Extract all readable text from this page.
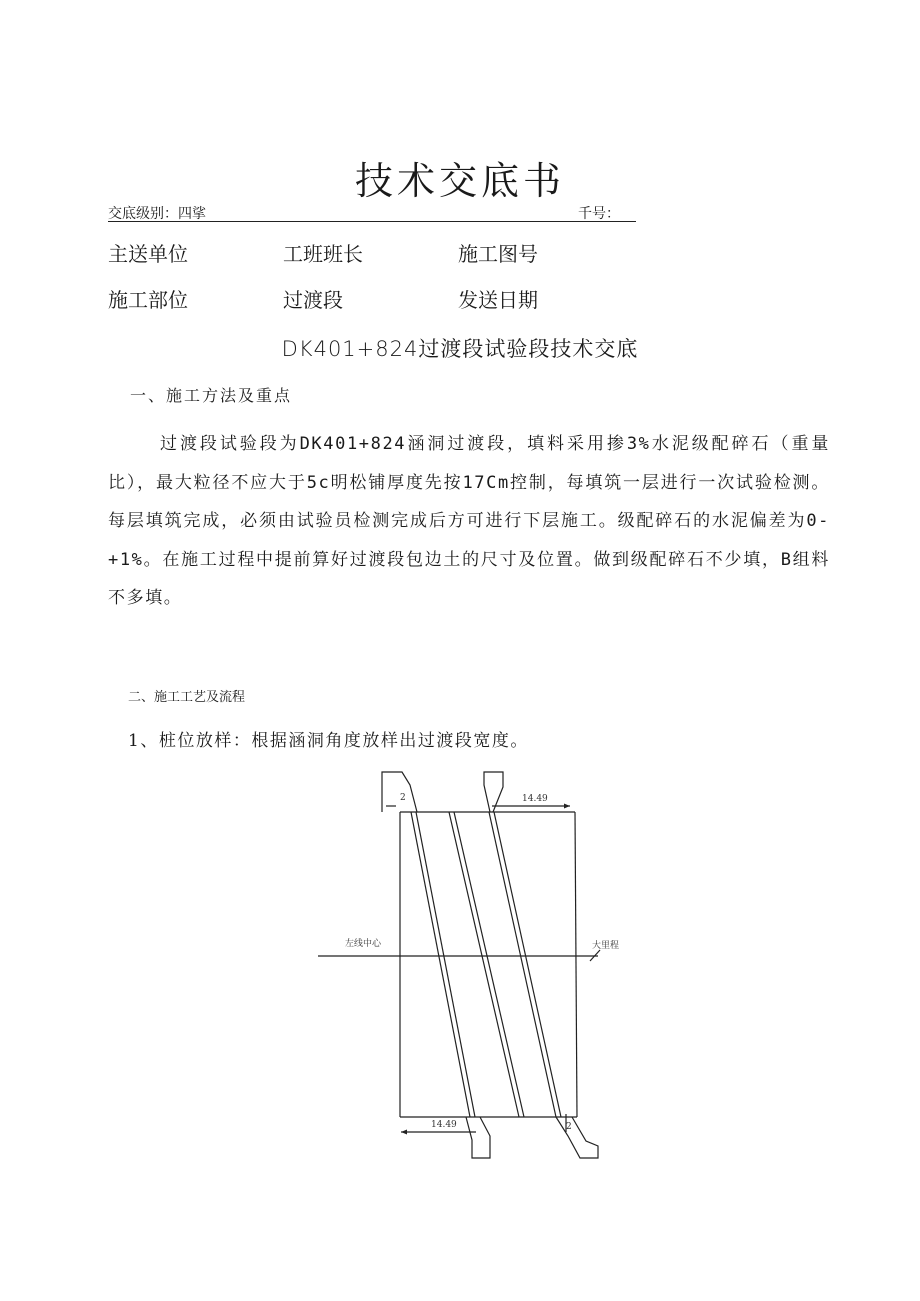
技术交底书
交底级别：四挲	千号：
主送单位	工班班长	施工图号
施工部位	过渡段	发送日期
DK401+824过渡段试验段技术交底
一、施工方法及重点

过渡段试验段为DK401+824涵洞过渡段，填料采用掺3%水泥级配碎石（重量比），最大粒径不应大于5c明松铺厚度先按17Cm控制，每填筑一层进行一次试验检测。每层填筑完成，必须由试验员检测完成后方可进行下层施工。级配碎石的水泥偏差为0-+1%。在施工过程中提前算好过渡段包边土的尺寸及位置。做到级配碎石不少填，B组料不多填。

二、施工工艺及流程
1、桩位放样：根据涵洞角度放样出过渡段宽度。
左线中心	大里程
14.49
14.49
2
2
